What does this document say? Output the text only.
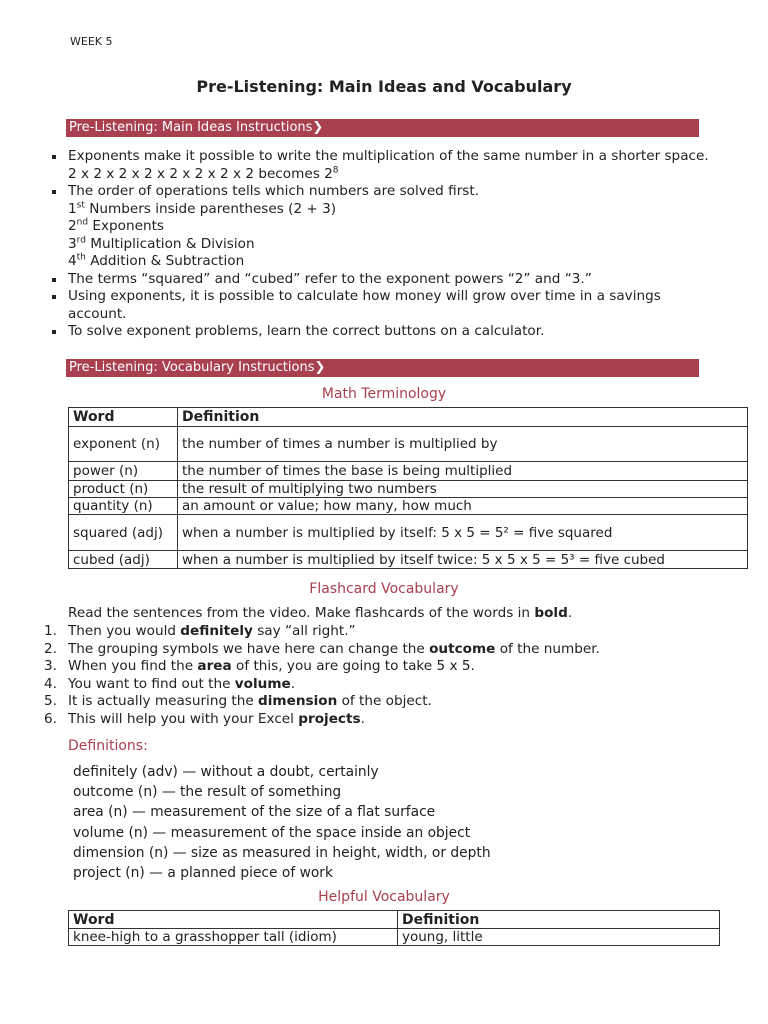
WEEK 5
Pre-Listening: Main Ideas and Vocabulary
Pre-Listening: Main Ideas Instructions❯
Exponents make it possible to write the multiplication of the same number in a shorter space.
2 x 2 x 2 x 2 x 2 x 2 x 2 x 2 becomes $2^8$
The order of operations tells which numbers are solved first.
1st Numbers inside parentheses (2 + 3)
2nd Exponents
3rd Multiplication & Division
4th Addition & Subtraction
The terms “squared” and “cubed” refer to the exponent powers “2” and “3.”
Using exponents, it is possible to calculate how money will grow over time in a savings account.
To solve exponent problems, learn the correct buttons on a calculator.
Pre-Listening: Vocabulary Instructions❯
Math Terminology
Word	Definition
exponent (n)	the number of times a number is multiplied by
power (n)	the number of times the base is being multiplied
product (n)	the result of multiplying two numbers
quantity (n)	an amount or value; how many, how much
squared (adj)	when a number is multiplied by itself: 5 x 5 = 5² = five squared
cubed (adj)	when a number is multiplied by itself twice: 5 x 5 x 5 = 5³ = five cubed
Flashcard Vocabulary
Read the sentences from the video. Make flashcards of the words in bold.
1. Then you would definitely say “all right.”
2. The grouping symbols we have here can change the outcome of the number.
3. When you find the area of this, you are going to take 5 x 5.
4. You want to find out the volume.
5. It is actually measuring the dimension of the object.
6. This will help you with your Excel projects.
Definitions:
definitely (adv) — without a doubt, certainly
outcome (n) — the result of something
area (n) — measurement of the size of a flat surface
volume (n) — measurement of the space inside an object
dimension (n) — size as measured in height, width, or depth
project (n) — a planned piece of work
Helpful Vocabulary
Word	Definition
knee-high to a grasshopper tall (idiom)	young, little
